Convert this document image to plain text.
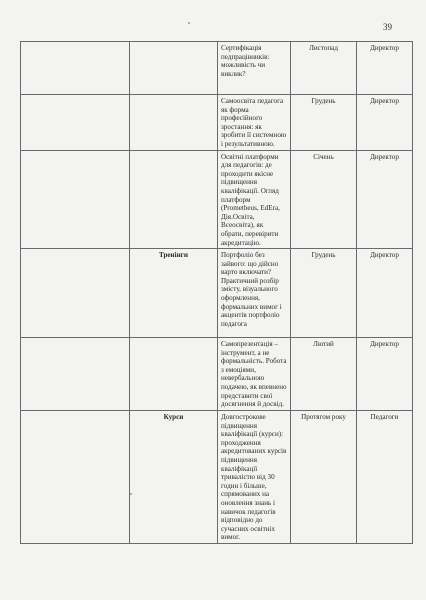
39
		Сертифікація педпрацівників: можливість чи виклик?	Листопад	Директор
		Самоосвіта педагога як форма професійного зростання: як зробити її системною і результативною.	Грудень	Директор
		Освітні платформи для педагогів: де проходити якісне підвищення кваліфікації. Огляд платформ (Prometheus, EdEra, Дія.Освіта, Всеосвіта), як обрати, перевірити акредитацію.	Січень	Директор
	Тренінги	Портфоліо без зайвого: що дійсно варто включати? Практичний розбір змісту, візуального оформлення, формальних вимог і акцентів портфоліо педагога	Грудень	Директор
		Самопрезентація – інструмент, а не формальність. Робота з емоціями, невербальною подачею, як впевнено представити свої досягнення й досвід.	Лютий	Директор
	Курси	Довгострокове підвищення кваліфікації (курси): проходження акредитованих курсів підвищення кваліфікації тривалістю від 30 годин і більше, спрямованих на оновлення знань і навичок педагогів відповідно до сучасних освітніх вимог.	Протягом року	Педагоги
